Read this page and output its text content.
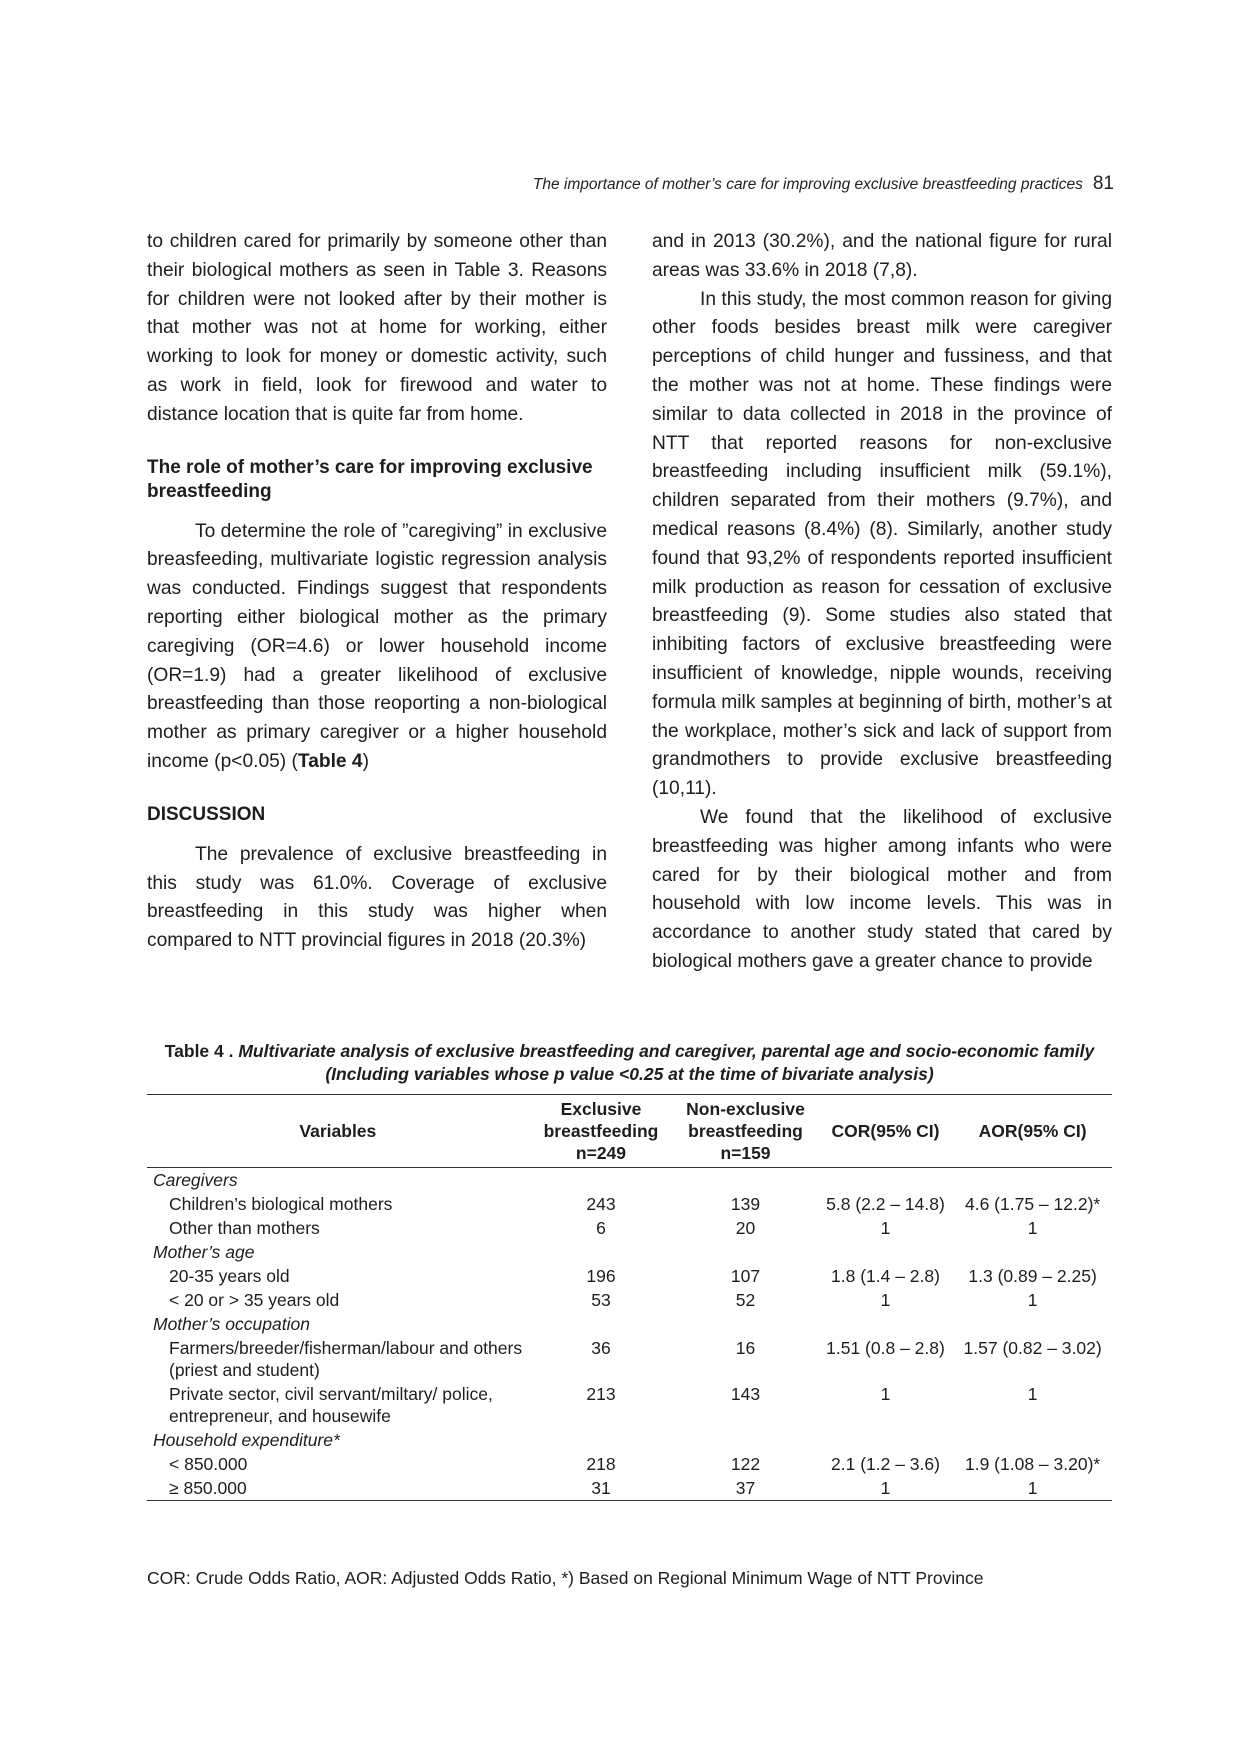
The importance of mother’s care for improving exclusive breastfeeding practices 81

to children cared for primarily by someone other than their biological mothers as seen in Table 3. Reasons for children were not looked after by their mother is that mother was not at home for working, either working to look for money or domestic activity, such as work in field, look for firewood and water to distance location that is quite far from home.

The role of mother’s care for improving exclusive breastfeeding

To determine the role of ”caregiving” in exclusive breasfeeding, multivariate logistic regression analysis was conducted. Findings suggest that respondents reporting either biological mother as the primary caregiving (OR=4.6) or lower household income (OR=1.9) had a greater likelihood of exclusive breastfeeding than those reoporting a non-biological mother as primary caregiver or a higher household income (p<0.05) (Table 4)

DISCUSSION

The prevalence of exclusive breastfeeding in this study was 61.0%. Coverage of exclusive breastfeeding in this study was higher when compared to NTT provincial figures in 2018 (20.3%)

and in 2013 (30.2%), and the national figure for rural areas was 33.6% in 2018 (7,8).

In this study, the most common reason for giving other foods besides breast milk were caregiver perceptions of child hunger and fussiness, and that the mother was not at home. These findings were similar to data collected in 2018 in the province of NTT that reported reasons for non-exclusive breastfeeding including insufficient milk (59.1%), children separated from their mothers (9.7%), and medical reasons (8.4%) (8). Similarly, another study found that 93,2% of respondents reported insufficient milk production as reason for cessation of exclusive breastfeeding (9). Some studies also stated that inhibiting factors of exclusive breastfeeding were insufficient of knowledge, nipple wounds, receiving formula milk samples at beginning of birth, mother’s at the workplace, mother’s sick and lack of support from grandmothers to provide exclusive breastfeeding (10,11).

We found that the likelihood of exclusive breastfeeding was higher among infants who were cared for by their biological mother and from household with low income levels. This was in accordance to another study stated that cared by biological mothers gave a greater chance to provide

Table 4 . Multivariate analysis of exclusive breastfeeding and caregiver, parental age and socio-economic family (Including variables whose p value <0.25 at the time of bivariate analysis)
Variables	Exclusive
breastfeeding
n=249	Non-exclusive
breastfeeding
n=159	COR(95% CI)	AOR(95% CI)
Caregivers				
Children’s biological mothers	243	139	5.8 (2.2 – 14.8)	4.6 (1.75 – 12.2)*
Other than mothers	6	20	1	1
Mother’s age				
20-35 years old	196	107	1.8 (1.4 – 2.8)	1.3 (0.89 – 2.25)
< 20 or > 35 years old	53	52	1	1
Mother’s occupation				
Farmers/breeder/fisherman/labour and others (priest and student)	36	16	1.51 (0.8 – 2.8)	1.57 (0.82 – 3.02)
Private sector, civil servant/miltary/ police, entrepreneur, and housewife	213	143	1	1
Household expenditure*				
< 850.000	218	122	2.1 (1.2 – 3.6)	1.9 (1.08 – 3.20)*
≥ 850.000	31	37	1	1
COR: Crude Odds Ratio, AOR: Adjusted Odds Ratio, *) Based on Regional Minimum Wage of NTT Province
